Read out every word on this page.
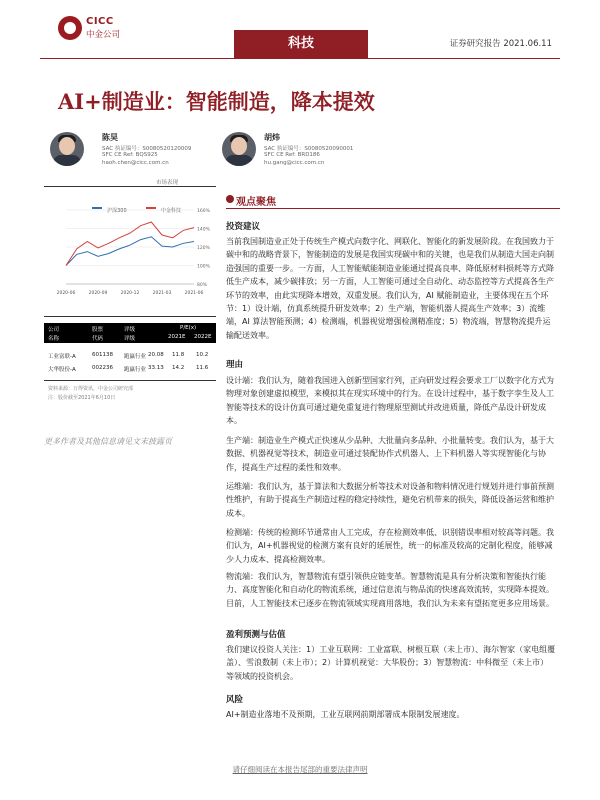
CICC
中金公司
科技	证券研究报告 2021.06.11
AI+制造业：智能制造，降本提效
陈昊
SAC 执证编号：S0080520120009
SFC CE Ref: BQS925
haoh.chen@cicc.com.cn
胡炜
SAC 执证编号：S0080520090001
SFC CE Ref: BRD186
hu.gang@cicc.com.cn
市场表现
沪深300	中金科技	160%
140%
120%
100%
80%
2020-06	2020-09	2020-12	2021-03	2021-06
公司	股票	评级	P/E(x)
名称	代码	评级	2021E 2022E
工业富联-A	601138 跑赢行业 20.08 11.8 10.2
大华股份-A	002236 跑赢行业 33.13 14.2 11.6
资料来源：万得资讯，中金公司研究部
注：股价截至2021年6月10日
更多作者及其他信息请见文末披露页
观点聚焦
投资建议
当前我国制造业正处于传统生产模式向数字化、网联化、智能化的新发展阶段。在我国致力于碳中和的战略背景下，智能制造的发展是我国实现碳中和的关键，也是我们从制造大国走向制造强国的重要一步。一方面，人工智能赋能制造业能通过提高良率、降低原材料损耗等方式降低生产成本，减少碳排放；另一方面，人工智能可通过全自动化、动态监控等方式提高各生产环节的效率，由此实现降本增效，双重发展。我们认为，AI 赋能制造业，主要体现在五个环节：1）设计端，仿真系统提升研发效率；2）生产端，智能机器人提高生产效率；3）流维端，AI 算法智能预测；4）检测端，机器视觉增强检测精准度；5）物流端，智慧物流提升运输配送效率。
理由
设计端：我们认为，随着我国进入创新型国家行列，正向研发过程会要求工厂以数字化方式为物理对象创建虚拟模型，来模拟其在现实环境中的行为。在设计过程中，基于数字孪生及人工智能等技术的设计仿真可通过避免重复进行物理原型测试并改进质量，降低产品设计研发成本。
生产端：制造业生产模式正快速从少品种、大批量向多品种、小批量转变。我们认为，基于大数据、机器视觉等技术，制造业可通过装配协作式机器人、上下料机器人等实现智能化与协作，提高生产过程的柔性和效率。
运维端：我们认为，基于算法和大数据分析等技术对设备和物料情况进行规划并进行事前预测性维护，有助于提高生产制造过程的稳定持续性，避免宕机带来的损失，降低设备运营和维护成本。
检测端：传统的检测环节通常由人工完成，存在检测效率低、识别错误率相对较高等问题。我们认为，AI+机器视觉的检测方案有良好的延展性，统一的标准及较高的定制化程度，能够减少人力成本、提高检测效率。
物流端：我们认为，智慧物流有望引领供应链变革。智慧物流是具有分析决策和智能执行能力、高度智能化和自动化的物流系统，通过信息流与物品流的快速高效流转，实现降本提效。目前，人工智能技术已逐步在物流领域实现商用落地，我们认为未来有望拓宽更多应用场景。
盈利预测与估值
我们建议投资人关注：1）工业互联网：工业富联、树根互联（未上市）、海尔智家（家电组覆盖）、雪浪数制（未上市）；2）计算机视觉：大华股份；3）智慧物流：中科微至（未上市）等领域的投资机会。
风险
AI+制造业落地不及预期，工业互联网前期部署成本限制发展速度。
请仔细阅读在本报告尾部的重要法律声明
